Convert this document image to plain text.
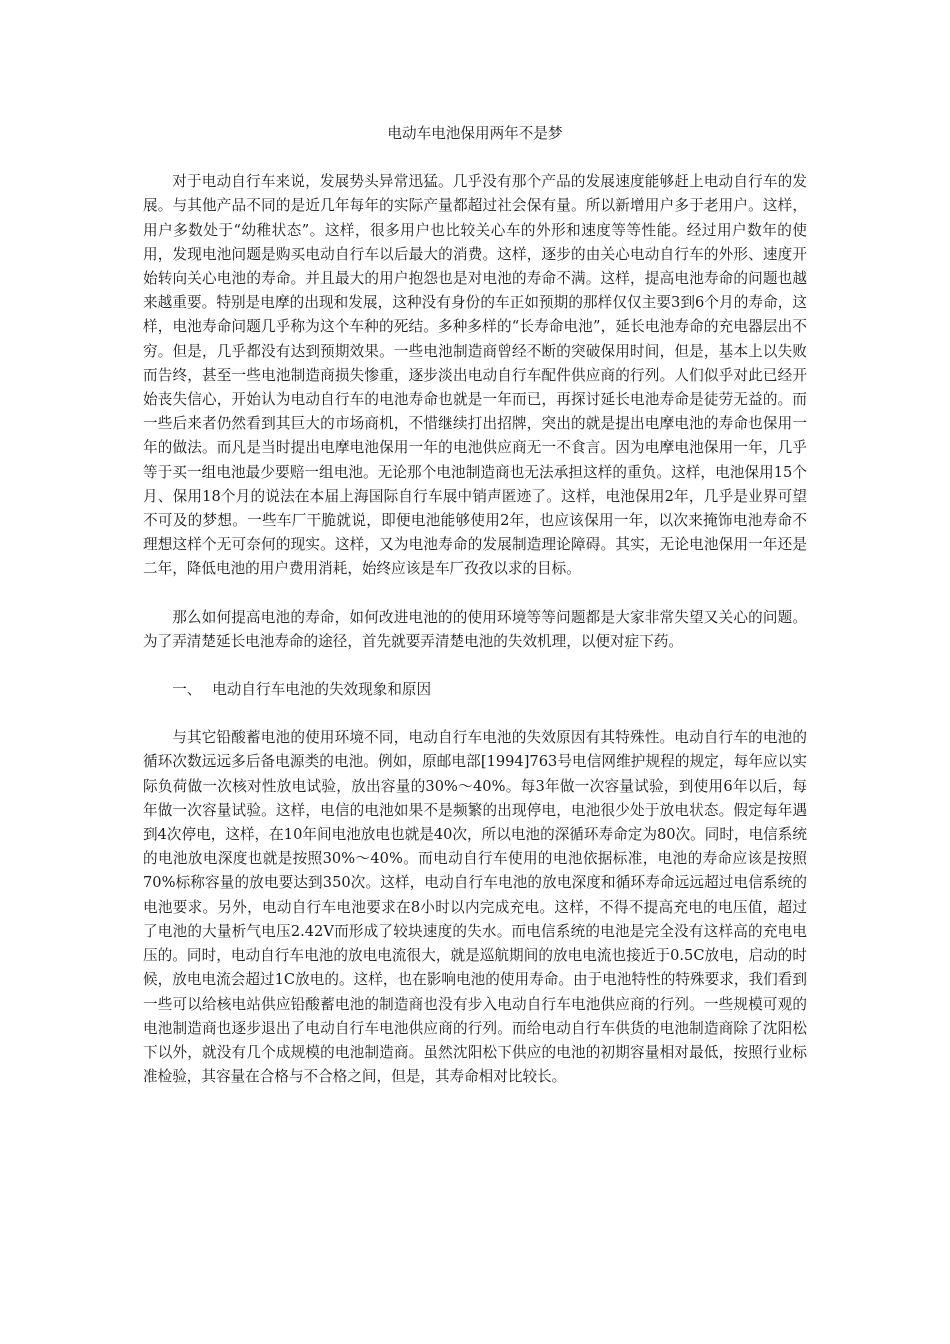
电动车电池保用两年不是梦

对于电动自行车来说，发展势头异常迅猛。几乎没有那个产品的发展速度能够赶上电动自行车的发展。与其他产品不同的是近几年每年的实际产量都超过社会保有量。所以新增用户多于老用户。这样，用户多数处于“幼稚状态”。这样，很多用户也比较关心车的外形和速度等等性能。经过用户数年的使用，发现电池问题是购买电动自行车以后最大的消费。这样，逐步的由关心电动自行车的外形、速度开始转向关心电池的寿命。并且最大的用户抱怨也是对电池的寿命不满。这样，提高电池寿命的问题也越来越重要。特别是电摩的出现和发展，这种没有身份的车正如预期的那样仅仅主要3到6个月的寿命，这样，电池寿命问题几乎称为这个车种的死结。多种多样的“长寿命电池”，延长电池寿命的充电器层出不穷。但是，几乎都没有达到预期效果。一些电池制造商曾经不断的突破保用时间，但是，基本上以失败而告终，甚至一些电池制造商损失惨重，逐步淡出电动自行车配件供应商的行列。人们似乎对此已经开始丧失信心，开始认为电动自行车的电池寿命也就是一年而已，再探讨延长电池寿命是徒劳无益的。而一些后来者仍然看到其巨大的市场商机，不惜继续打出招牌，突出的就是提出电摩电池的寿命也保用一年的做法。而凡是当时提出电摩电池保用一年的电池供应商无一不食言。因为电摩电池保用一年，几乎等于买一组电池最少要赔一组电池。无论那个电池制造商也无法承担这样的重负。这样，电池保用15个月、保用18个月的说法在本届上海国际自行车展中销声匿迹了。这样，电池保用2年，几乎是业界可望不可及的梦想。一些车厂干脆就说，即便电池能够使用2年，也应该保用一年，以次来掩饰电池寿命不理想这样个无可奈何的现实。这样，又为电池寿命的发展制造理论障碍。其实，无论电池保用一年还是二年，降低电池的用户费用消耗，始终应该是车厂孜孜以求的目标。

那么如何提高电池的寿命，如何改进电池的的使用环境等等问题都是大家非常失望又关心的问题。为了弄清楚延长电池寿命的途径，首先就要弄清楚电池的失效机理，以便对症下药。

一、 电动自行车电池的失效现象和原因

与其它铅酸蓄电池的使用环境不同，电动自行车电池的失效原因有其特殊性。电动自行车的电池的循环次数远远多后备电源类的电池。例如，原邮电部[1994]763号电信网维护规程的规定，每年应以实际负荷做一次核对性放电试验，放出容量的30%～40%。每3年做一次容量试验，到使用6年以后，每年做一次容量试验。这样，电信的电池如果不是频繁的出现停电，电池很少处于放电状态。假定每年遇到4次停电，这样，在10年间电池放电也就是40次，所以电池的深循环寿命定为80次。同时，电信系统的电池放电深度也就是按照30%～40%。而电动自行车使用的电池依据标准，电池的寿命应该是按照70%标称容量的放电要达到350次。这样，电动自行车电池的放电深度和循环寿命远远超过电信系统的电池要求。另外，电动自行车电池要求在8小时以内完成充电。这样，不得不提高充电的电压值，超过了电池的大量析气电压2.42V而形成了较块速度的失水。而电信系统的电池是完全没有这样高的充电电压的。同时，电动自行车电池的放电电流很大，就是巡航期间的放电电流也接近于0.5C放电，启动的时候，放电电流会超过1C放电的。这样，也在影响电池的使用寿命。由于电池特性的特殊要求，我们看到一些可以给核电站供应铅酸蓄电池的制造商也没有步入电动自行车电池供应商的行列。一些规模可观的电池制造商也逐步退出了电动自行车电池供应商的行列。而给电动自行车供货的电池制造商除了沈阳松下以外，就没有几个成规模的电池制造商。虽然沈阳松下供应的电池的初期容量相对最低，按照行业标准检验，其容量在合格与不合格之间，但是，其寿命相对比较长。
